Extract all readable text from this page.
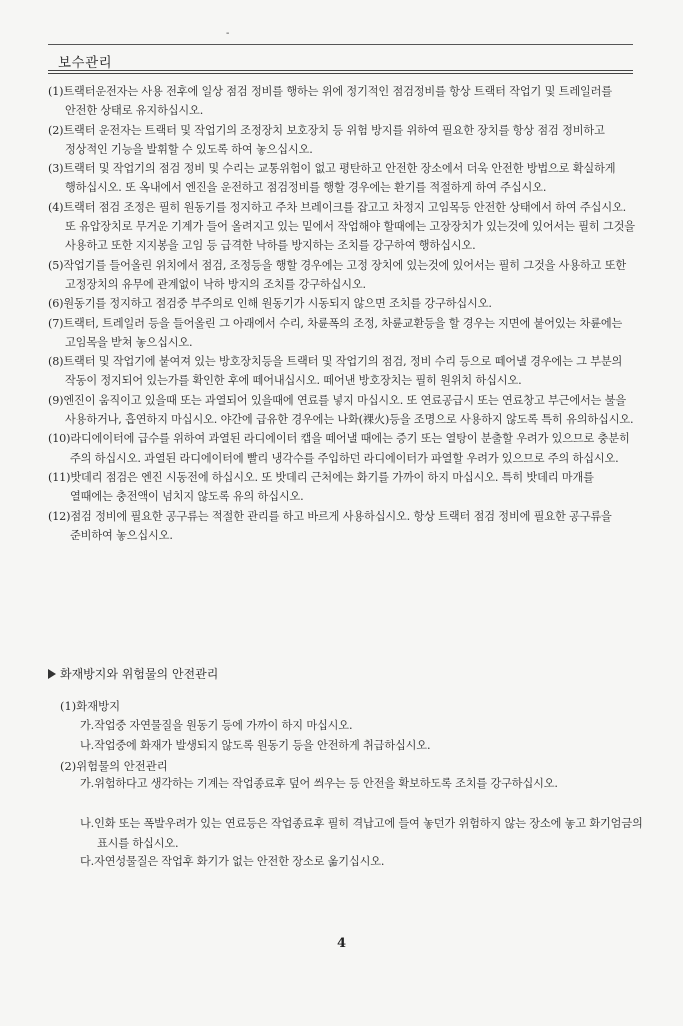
-
보수관리
(1)트랙터운전자는 사용 전후에 일상 점검 정비를 행하는 위에 정기적인 점검정비를 항상 트랙터 작업기 및 트레일러를 안전한 상태로 유지하십시오.
(2)트랙터 운전자는 트랙터 및 작업기의 조정장치 보호장치 등 위험 방지를 위하여 필요한 장치를 항상 점검 정비하고 정상적인 기능을 발휘할 수 있도록 하여 놓으십시오.
(3)트랙터 및 작업기의 점검 정비 및 수리는 교통위험이 없고 평탄하고 안전한 장소에서 더욱 안전한 방법으로 확실하게 행하십시오. 또 옥내에서 엔진을 운전하고 점검정비를 행할 경우에는 환기를 적절하게 하여 주십시오.
(4)트랙터 점검 조정은 필히 원동기를 정지하고 주차 브레이크를 잡고고 차정지 고임목등 안전한 상태에서 하여 주십시오. 또 유압장치로 무거운 기계가 들어 올려지고 있는 밑에서 작업해야 할때에는 고장장치가 있는것에 있어서는 필히 그것을 사용하고 또한 지지봉을 고임 등 급격한 낙하를 방지하는 조치를 강구하여 행하십시오.
(5)작업기를 들어올린 위치에서 점검, 조정등을 행할 경우에는 고정 장치에 있는것에 있어서는 필히 그것을 사용하고 또한 고정장치의 유무에 관계없이 낙하 방지의 조치를 강구하십시오.
(6)원동기를 정지하고 점검중 부주의로 인해 원동기가 시동되지 않으면 조치를 강구하십시오.
(7)트랙터, 트레일러 등을 들어올린 그 아래에서 수리, 차륜폭의 조정, 차륜교환등을 할 경우는 지면에 붙어있는 차륜에는 고임목을 받쳐 놓으십시오.
(8)트랙터 및 작업기에 붙여져 있는 방호장치등을 트랙터 및 작업기의 점검, 정비 수리 등으로 떼어낼 경우에는 그 부분의 작동이 정지되어 있는가를 확인한 후에 떼어내십시오. 떼어낸 방호장치는 필히 원위치 하십시오.
(9)엔진이 움직이고 있을때 또는 과열되어 있을때에 연료를 넣지 마십시오. 또 연료공급시 또는 연료창고 부근에서는 불을 사용하거나, 흡연하지 마십시오. 야간에 급유한 경우에는 나화(裸火)등을 조명으로 사용하지 않도록 특히 유의하십시오.
(10)라디에이터에 급수를 위하여 과열된 라디에이터 캡을 떼어낼 때에는 증기 또는 열탕이 분출할 우려가 있으므로 충분히 주의 하십시오. 과열된 라디에이터에 빨리 냉각수를 주입하던 라디에이터가 파열할 우려가 있으므로 주의 하십시오.
(11)밧데리 점검은 엔진 시동전에 하십시오. 또 밧데리 근처에는 화기를 가까이 하지 마십시오. 특히 밧데리 마개를 열때에는 충전액이 넘치지 않도록 유의 하십시오.
(12)점검 정비에 필요한 공구류는 적절한 관리를 하고 바르게 사용하십시오. 항상 트랙터 점검 정비에 필요한 공구류을 준비하여 놓으십시오.
화재방지와 위험물의 안전관리
(1)화재방지
가.작업중 자연물질을 원동기 등에 가까이 하지 마십시오.
나.작업중에 화재가 발생되지 않도록 원동기 등을 안전하게 취급하십시오.
(2)위험물의 안전관리
가.위험하다고 생각하는 기계는 작업종료후 덮어 씌우는 등 안전을 확보하도록 조치를 강구하십시오.
나.인화 또는 폭발우려가 있는 연료등은 작업종료후 필히 격납고에 들여 놓던가 위험하지 않는 장소에 놓고 화기엄금의 표시를 하십시오.
다.자연성물질은 작업후 화기가 없는 안전한 장소로 옮기십시오.
4
